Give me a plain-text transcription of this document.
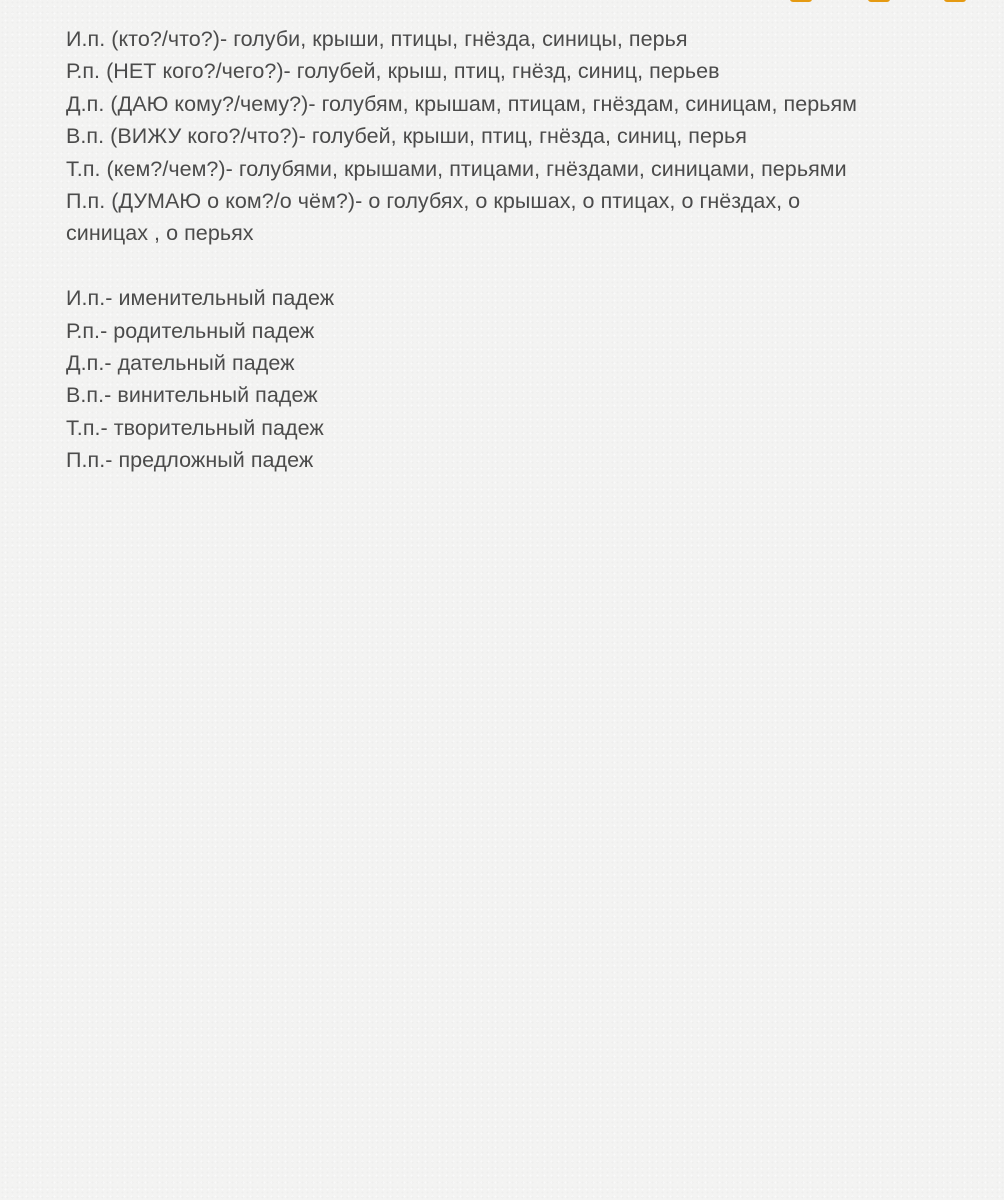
И.п. (кто?/что?)- голуби, крыши, птицы, гнёзда, синицы, перья
Р.п. (НЕТ кого?/чего?)- голубей, крыш, птиц, гнёзд, синиц, перьев
Д.п. (ДАЮ кому?/чему?)- голубям, крышам, птицам, гнёздам, синицам, перьям
В.п. (ВИЖУ кого?/что?)- голубей, крыши, птиц, гнёзда, синиц, перья
Т.п. (кем?/чем?)- голубями, крышами, птицами, гнёздами, синицами, перьями
П.п. (ДУМАЮ о ком?/о чём?)- о голубях, о крышах, о птицах, о гнёздах, о синицах , о перьях
И.п.- именительный падеж
Р.п.- родительный падеж
Д.п.- дательный падеж
В.п.- винительный падеж
Т.п.- творительный падеж
П.п.- предложный падеж
